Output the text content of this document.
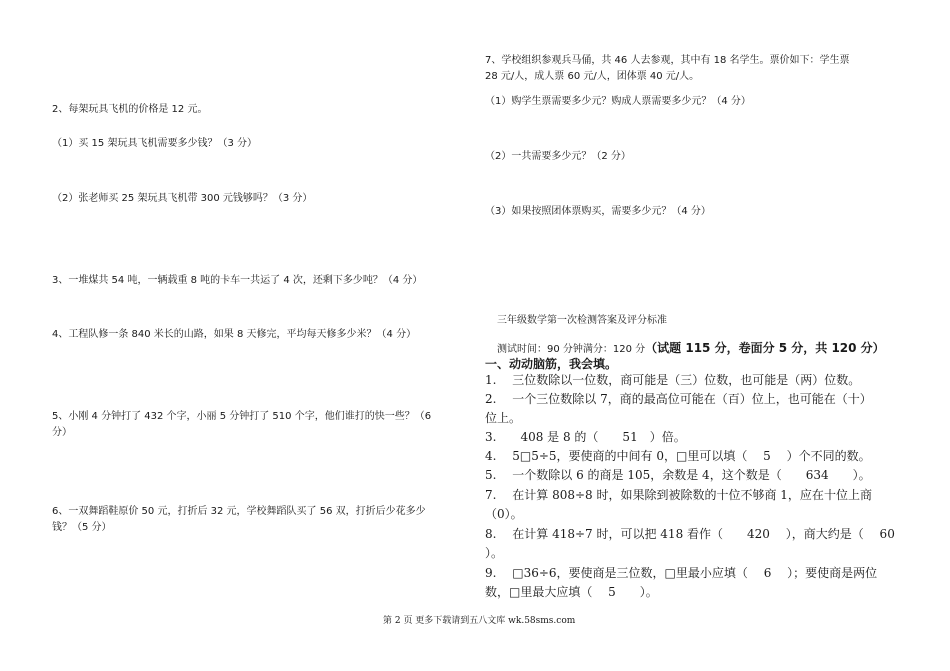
2、每架玩具飞机的价格是 12 元。
（1）买 15 架玩具飞机需要多少钱？（3 分）
（2）张老师买 25 架玩具飞机带 300 元钱够吗？（3 分）
3、一堆煤共 54 吨，一辆载重 8 吨的卡车一共运了 4 次，还剩下多少吨？（4 分）
4、工程队修一条 840 米长的山路，如果 8 天修完，平均每天修多少米？（4 分）
5、小刚 4 分钟打了 432 个字，小丽 5 分钟打了 510 个字，他们谁打的快一些？（6
分）
6、一双舞蹈鞋原价 50 元，打折后 32 元，学校舞蹈队买了 56 双，打折后少花多少
钱？（5 分）
7、学校组织参观兵马俑，共 46 人去参观，其中有 18 名学生。票价如下：学生票
28 元/人，成人票 60 元/人，团体票 40 元/人。
（1）购学生票需要多少元？购成人票需要多少元？（4 分）
（2）一共需要多少元？（2 分）
（3）如果按照团体票购买，需要多少元？（4 分）
三年级数学第一次检测答案及评分标准
测试时间：90 分钟满分：120 分（试题 115 分，卷面分 5 分，共 120 分）
一、动动脑筋，我会填。
1.　 三位数除以一位数，商可能是（三）位数，也可能是（两）位数。
2.　 一个三位数除以 7，商的最高位可能在（百）位上，也可能在（十）
位上。
3.　　408 是 8 的（　　51　）倍。
4.　 5□5÷5，要使商的中间有 0，□里可以填（　 5　 ）个不同的数。
5.　 一个数除以 6 的商是 105，余数是 4，这个数是（　　634　　）。
7.　 在计算 808÷8 时，如果除到被除数的十位不够商 1，应在十位上商
（0）。
8.　 在计算 418÷7 时，可以把 418 看作（　　420　 ），商大约是（　 60
）。
9.　 □36÷6，要使商是三位数，□里最小应填（　 6　 ）；要使商是两位
数，□里最大应填（　 5　　）。
第 2 页 更多下载请到五八文库 wk.58sms.com
